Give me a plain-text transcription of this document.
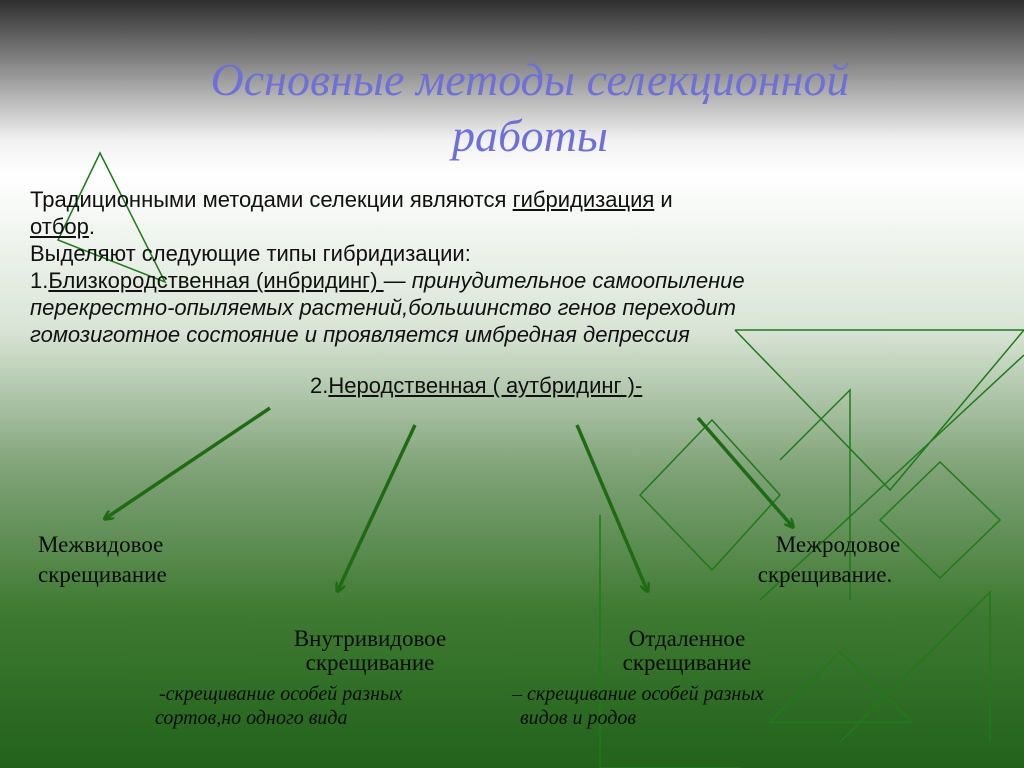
Основные методы селекционной
работы
Традиционными методами селекции являются гибридизация и
отбор.
Выделяют следующие типы гибридизации:
1.Близкородственная (инбридинг) — принудительное самоопыление
перекрестно-опыляемых растений,большинство генов переходит
гомозиготное состояние и проявляется имбредная депрессия
2.Неродственная ( аутбридинг )-
Межвидовое
скрещивание
Внутривидовое
скрещивание
-скрещивание особей разных
сортов,но одного вида
Отдаленное
скрещивание
– скрещивание особей разных
видов и родов
Межродовое
скрещивание.
